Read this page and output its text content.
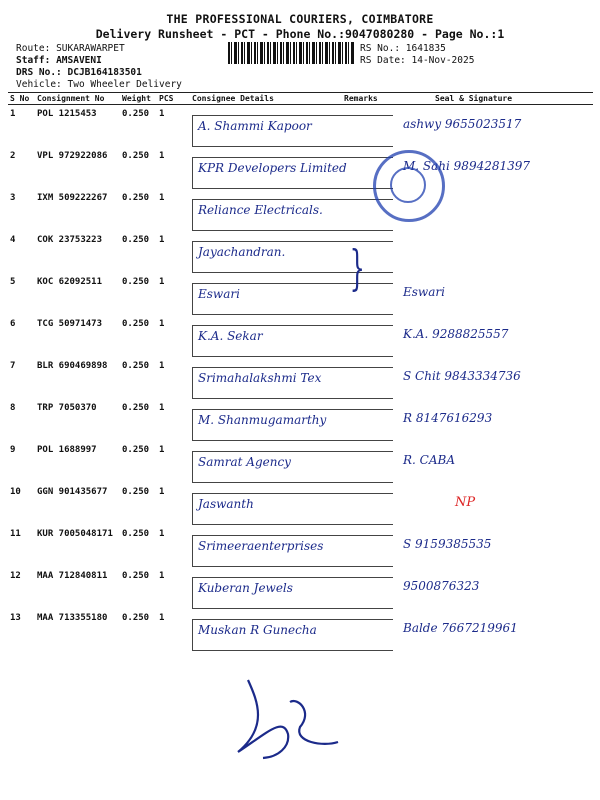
THE PROFESSIONAL COURIERS, COIMBATORE
Delivery Runsheet - PCT - Phone No.:9047080280 - Page No.:1
Route: SUKARAWARPET
Staff: AMSAVENI
DRS No.: DCJB164183501
Vehicle: Two Wheeler Delivery
RS No.: 1641835
RS Date: 14-Nov-2025
S No	Consignment No	Weight	PCS	Consignee Details	Remarks	Seal & Signature
1	POL 1215453	0.250	1	A. Shammi Kapoor		ashwy 9655023517

2	VPL 972922086	0.250	1	KPR Developers Limited		M. Sahi 9894281397

3	IXM 509222267	0.250	1	Reliance Electricals.		

4	COK 23753223	0.250	1	Jayachandran.		

5	KOC 62092511	0.250	1	Eswari		Eswari

6	TCG 50971473	0.250	1	K.A. Sekar		K.A. 9288825557

7	BLR 690469898	0.250	1	Srimahalakshmi Tex		S Chit 9843334736

8	TRP 7050370	0.250	1	M. Shanmugamarthy		R 8147616293

9	POL 1688997	0.250	1	Samrat Agency		R. CABA

10	GGN 901435677	0.250	1	Jaswanth		NP

11	KUR 7005048171	0.250	1	Srimeeraenterprises		S 9159385535

12	MAA 712840811	0.250	1	Kuberan Jewels		9500876323

13	MAA 713355180	0.250	1	Muskan R Gunecha		Balde 7667219961
}
